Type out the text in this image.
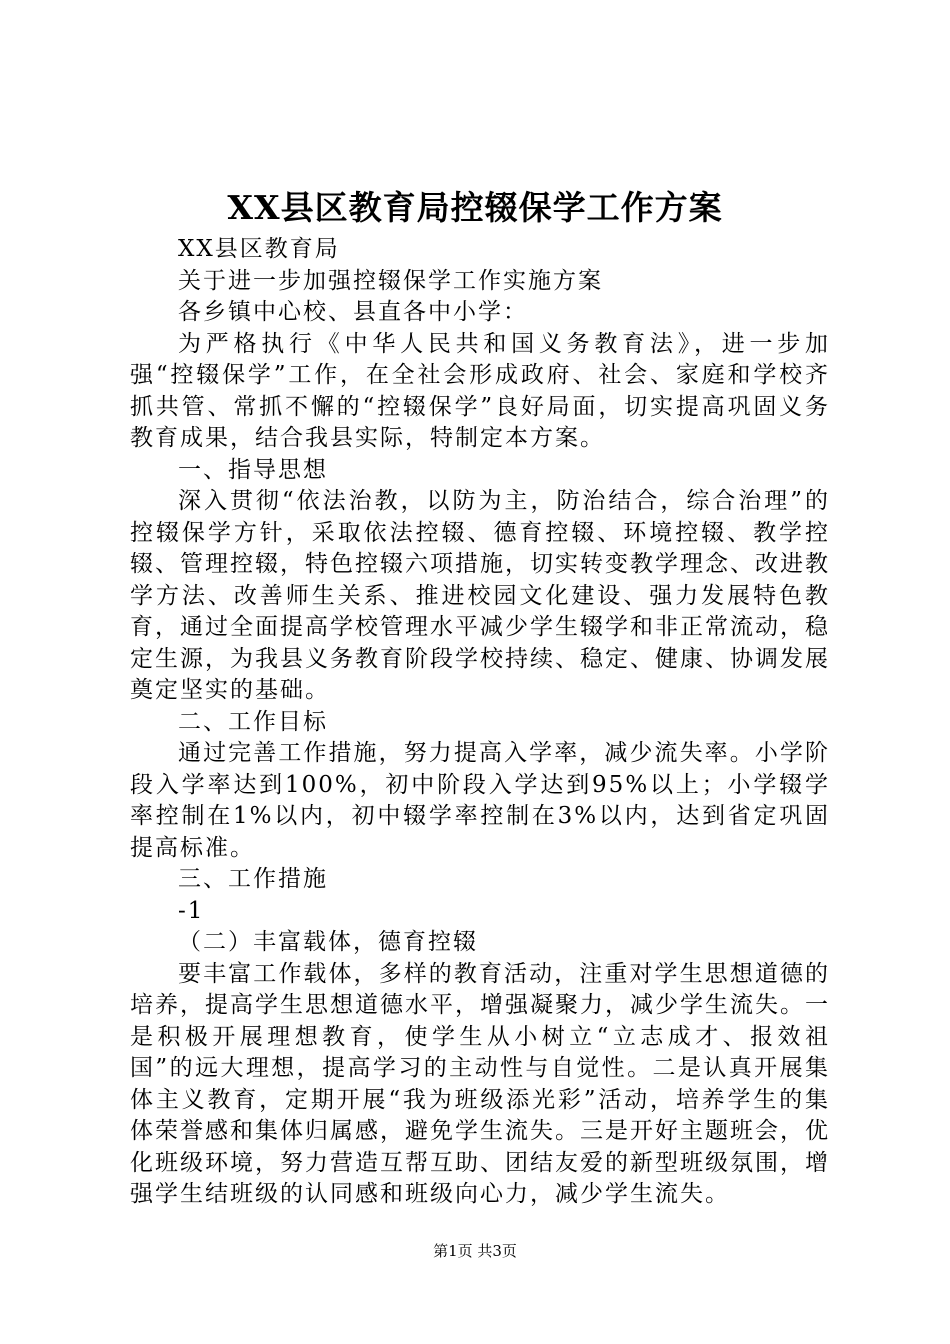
XX县区教育局控辍保学工作方案

XX县区教育局

关于进一步加强控辍保学工作实施方案

各乡镇中心校、县直各中小学：

为严格执行《中华人民共和国义务教育法》，进一步加强“控辍保学”工作，在全社会形成政府、社会、家庭和学校齐抓共管、常抓不懈的“控辍保学”良好局面，切实提高巩固义务教育成果，结合我县实际，特制定本方案。

一、指导思想

深入贯彻“依法治教，以防为主，防治结合，综合治理”的控辍保学方针，采取依法控辍、德育控辍、环境控辍、教学控辍、管理控辍，特色控辍六项措施，切实转变教学理念、改进教学方法、改善师生关系、推进校园文化建设、强力发展特色教育，通过全面提高学校管理水平减少学生辍学和非正常流动，稳定生源，为我县义务教育阶段学校持续、稳定、健康、协调发展奠定坚实的基础。

二、工作目标

通过完善工作措施，努力提高入学率，减少流失率。小学阶段入学率达到100%，初中阶段入学达到95%以上；小学辍学率控制在1%以内，初中辍学率控制在3%以内，达到省定巩固提高标准。

三、工作措施

-1

（二）丰富载体，德育控辍

要丰富工作载体，多样的教育活动，注重对学生思想道德的培养，提高学生思想道德水平，增强凝聚力，减少学生流失。一是积极开展理想教育，使学生从小树立“立志成才、报效祖国”的远大理想，提高学习的主动性与自觉性。二是认真开展集体主义教育，定期开展“我为班级添光彩”活动，培养学生的集体荣誉感和集体归属感，避免学生流失。三是开好主题班会，优化班级环境，努力营造互帮互助、团结友爱的新型班级氛围，增强学生结班级的认同感和班级向心力，减少学生流失。

第1页 共3页
